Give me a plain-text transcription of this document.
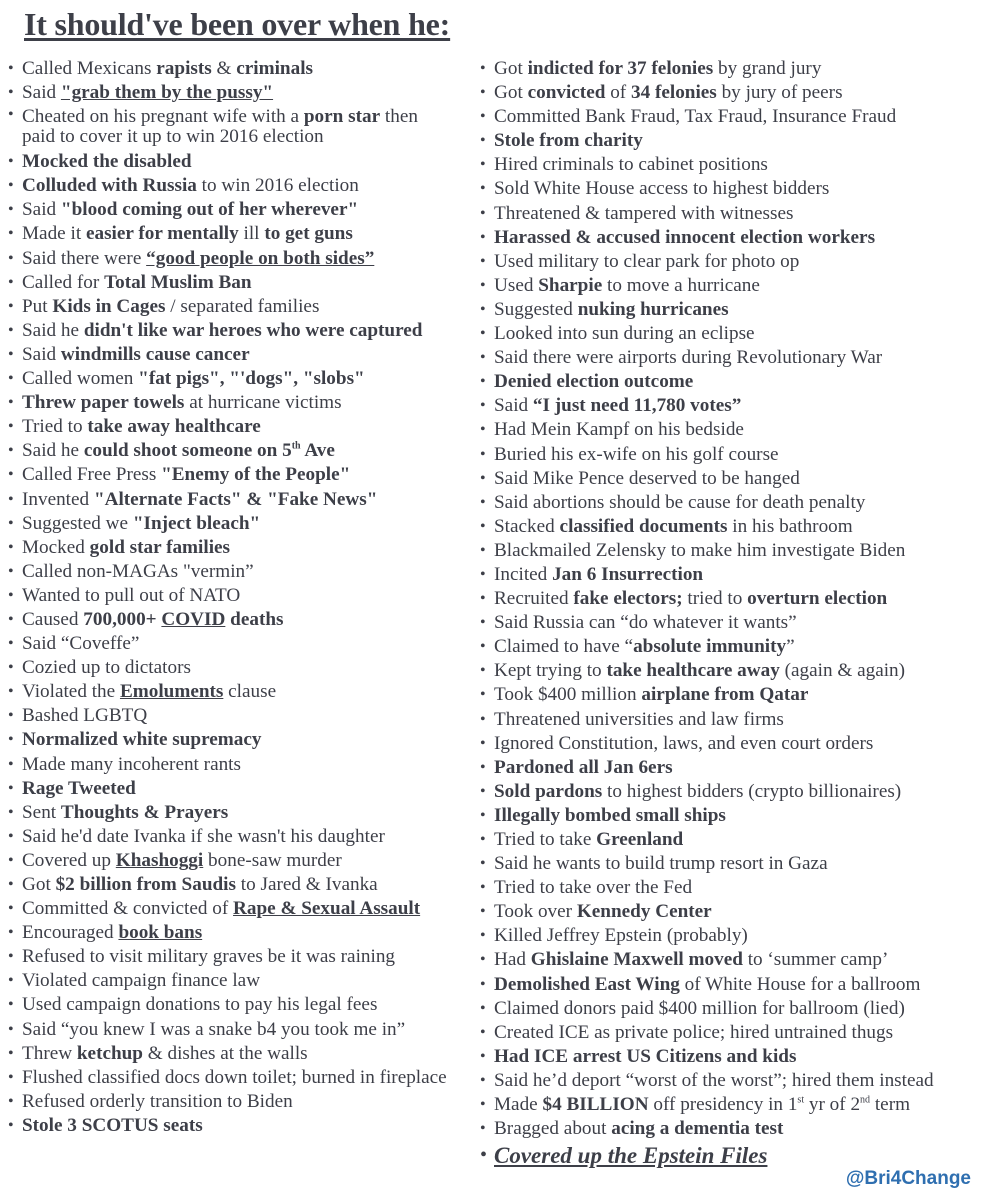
It should've been over when he:
• Called Mexicans rapists & criminals
• Said "grab them by the pussy"
• Cheated on his pregnant wife with a porn star then paid to cover it up to win 2016 election
• Mocked the disabled
• Colluded with Russia to win 2016 election
• Said "blood coming out of her wherever"
• Made it easier for mentally ill to get guns
• Said there were “good people on both sides”
• Called for Total Muslim Ban
• Put Kids in Cages / separated families
• Said he didn't like war heroes who were captured
• Said windmills cause cancer
• Called women "fat pigs", "'dogs", "slobs"
• Threw paper towels at hurricane victims
• Tried to take away healthcare
• Said he could shoot someone on 5th Ave
• Called Free Press "Enemy of the People"
• Invented "Alternate Facts" & "Fake News"
• Suggested we "Inject bleach"
• Mocked gold star families
• Called non-MAGAs "vermin”
• Wanted to pull out of NATO
• Caused 700,000+ COVID deaths
• Said “Coveffe”
• Cozied up to dictators
• Violated the Emoluments clause
• Bashed LGBTQ
• Normalized white supremacy
• Made many incoherent rants
• Rage Tweeted
• Sent Thoughts & Prayers
• Said he'd date Ivanka if she wasn't his daughter
• Covered up Khashoggi bone-saw murder
• Got $2 billion from Saudis to Jared & Ivanka
• Committed & convicted of Rape & Sexual Assault
• Encouraged book bans
• Refused to visit military graves be it was raining
• Violated campaign finance law
• Used campaign donations to pay his legal fees
• Said “you knew I was a snake b4 you took me in”
• Threw ketchup & dishes at the walls
• Flushed classified docs down toilet; burned in fireplace
• Refused orderly transition to Biden
• Stole 3 SCOTUS seats
• Got indicted for 37 felonies by grand jury
• Got convicted of 34 felonies by jury of peers
• Committed Bank Fraud, Tax Fraud, Insurance Fraud
• Stole from charity
• Hired criminals to cabinet positions
• Sold White House access to highest bidders
• Threatened & tampered with witnesses
• Harassed & accused innocent election workers
• Used military to clear park for photo op
• Used Sharpie to move a hurricane
• Suggested nuking hurricanes
• Looked into sun during an eclipse
• Said there were airports during Revolutionary War
• Denied election outcome
• Said “I just need 11,780 votes”
• Had Mein Kampf on his bedside
• Buried his ex-wife on his golf course
• Said Mike Pence deserved to be hanged
• Said abortions should be cause for death penalty
• Stacked classified documents in his bathroom
• Blackmailed Zelensky to make him investigate Biden
• Incited Jan 6 Insurrection
• Recruited fake electors; tried to overturn election
• Said Russia can “do whatever it wants”
• Claimed to have “absolute immunity”
• Kept trying to take healthcare away (again & again)
• Took $400 million airplane from Qatar
• Threatened universities and law firms
• Ignored Constitution, laws, and even court orders
• Pardoned all Jan 6ers
• Sold pardons to highest bidders (crypto billionaires)
• Illegally bombed small ships
• Tried to take Greenland
• Said he wants to build trump resort in Gaza
• Tried to take over the Fed
• Took over Kennedy Center
• Killed Jeffrey Epstein (probably)
• Had Ghislaine Maxwell moved to ‘summer camp’
• Demolished East Wing of White House for a ballroom
• Claimed donors paid $400 million for ballroom (lied)
• Created ICE as private police; hired untrained thugs
• Had ICE arrest US Citizens and kids
• Said he’d deport “worst of the worst”; hired them instead
• Made $4 BILLION off presidency in 1st yr of 2nd term
• Bragged about acing a dementia test
• Covered up the Epstein Files
@Bri4Change
